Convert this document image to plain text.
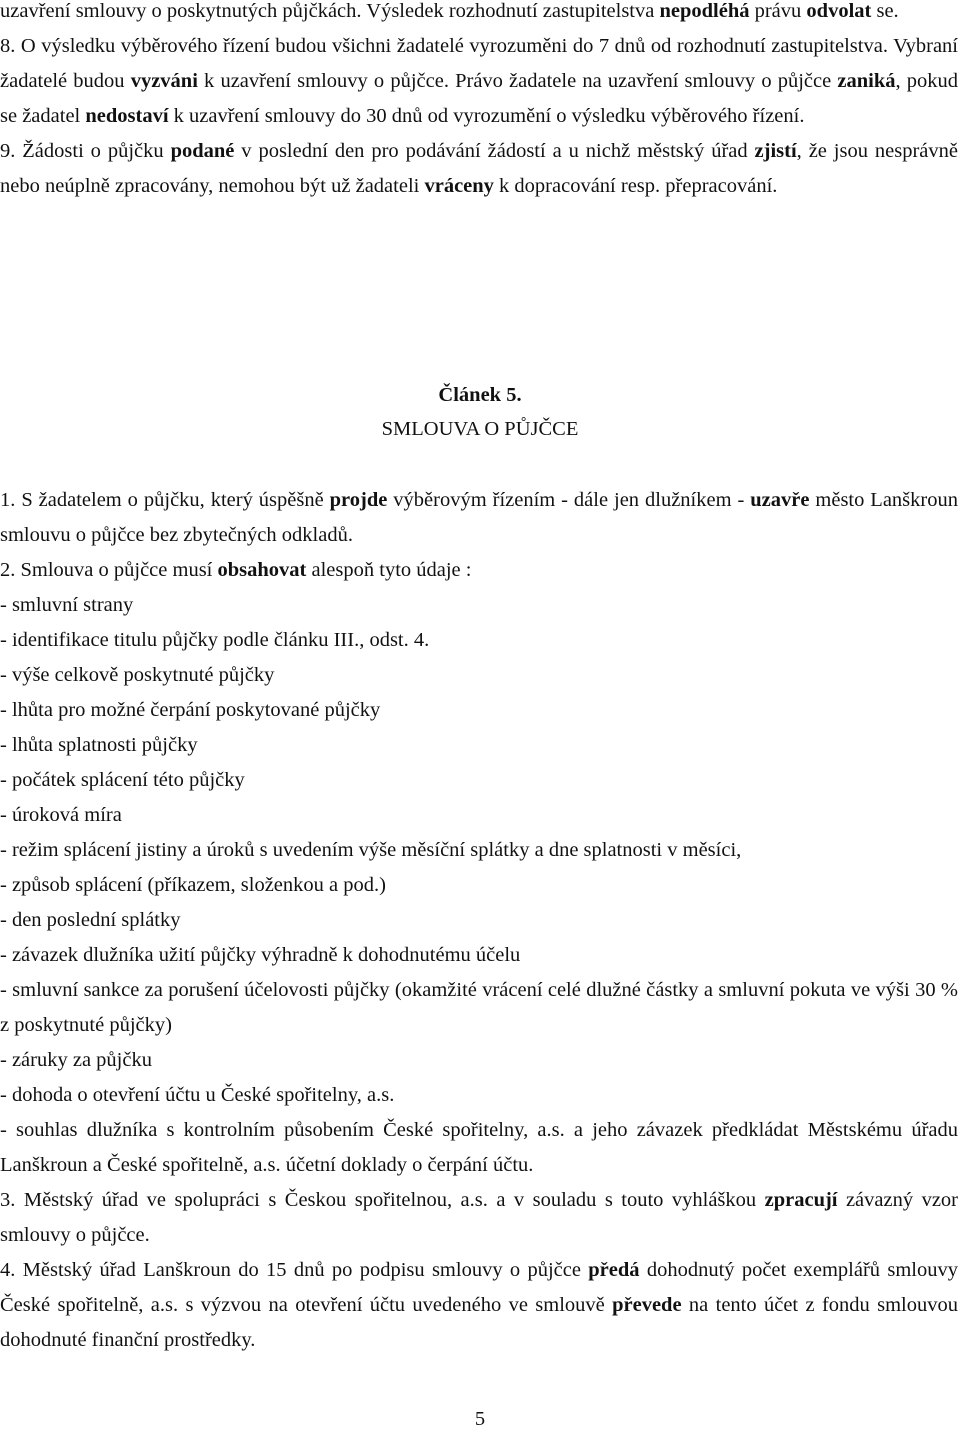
uzavření smlouvy o poskytnutých půjčkách. Výsledek rozhodnutí zastupitelstva nepodléhá právu odvolat se.

8. O výsledku výběrového řízení budou všichni žadatelé vyrozuměni do 7 dnů od rozhodnutí zastupitelstva. Vybraní žadatelé budou vyzváni k uzavření smlouvy o půjčce. Právo žadatele na uzavření smlouvy o půjčce zaniká, pokud se žadatel nedostaví k uzavření smlouvy do 30 dnů od vyrozumění o výsledku výběrového řízení.

9. Žádosti o půjčku podané v poslední den pro podávání žádostí a u nichž městský úřad zjistí, že jsou nesprávně nebo neúplně zpracovány, nemohou být už žadateli vráceny k dopracování resp. přepracování.

Článek 5.
SMLOUVA O PŮJČCE

1. S žadatelem o půjčku, který úspěšně projde výběrovým řízením - dále jen dlužníkem - uzavře město Lanškroun smlouvu o půjčce bez zbytečných odkladů.

2. Smlouva o půjčce musí obsahovat alespoň tyto údaje :

- smluvní strany

- identifikace titulu půjčky podle článku III., odst. 4.

- výše celkově poskytnuté půjčky

- lhůta pro možné čerpání poskytované půjčky

- lhůta splatnosti půjčky

- počátek splácení této půjčky

- úroková míra

- režim splácení jistiny a úroků s uvedením výše měsíční splátky a dne splatnosti v měsíci,

- způsob splácení (příkazem, složenkou a pod.)

- den poslední splátky

- závazek dlužníka užití půjčky výhradně k dohodnutému účelu

- smluvní sankce za porušení účelovosti půjčky (okamžité vrácení celé dlužné částky a smluvní pokuta ve výši 30 % z poskytnuté půjčky)

- záruky za půjčku

- dohoda o otevření účtu u České spořitelny, a.s.

- souhlas dlužníka s kontrolním působením České spořitelny, a.s. a jeho závazek předkládat Městskému úřadu Lanškroun a České spořitelně, a.s. účetní doklady o čerpání účtu.

3. Městský úřad ve spolupráci s Českou spořitelnou, a.s. a v souladu s touto vyhláškou zpracují závazný vzor smlouvy o půjčce.

4. Městský úřad Lanškroun do 15 dnů po podpisu smlouvy o půjčce předá dohodnutý počet exemplářů smlouvy České spořitelně, a.s. s výzvou na otevření účtu uvedeného ve smlouvě převede na tento účet z fondu smlouvou dohodnuté finanční prostředky.

5
